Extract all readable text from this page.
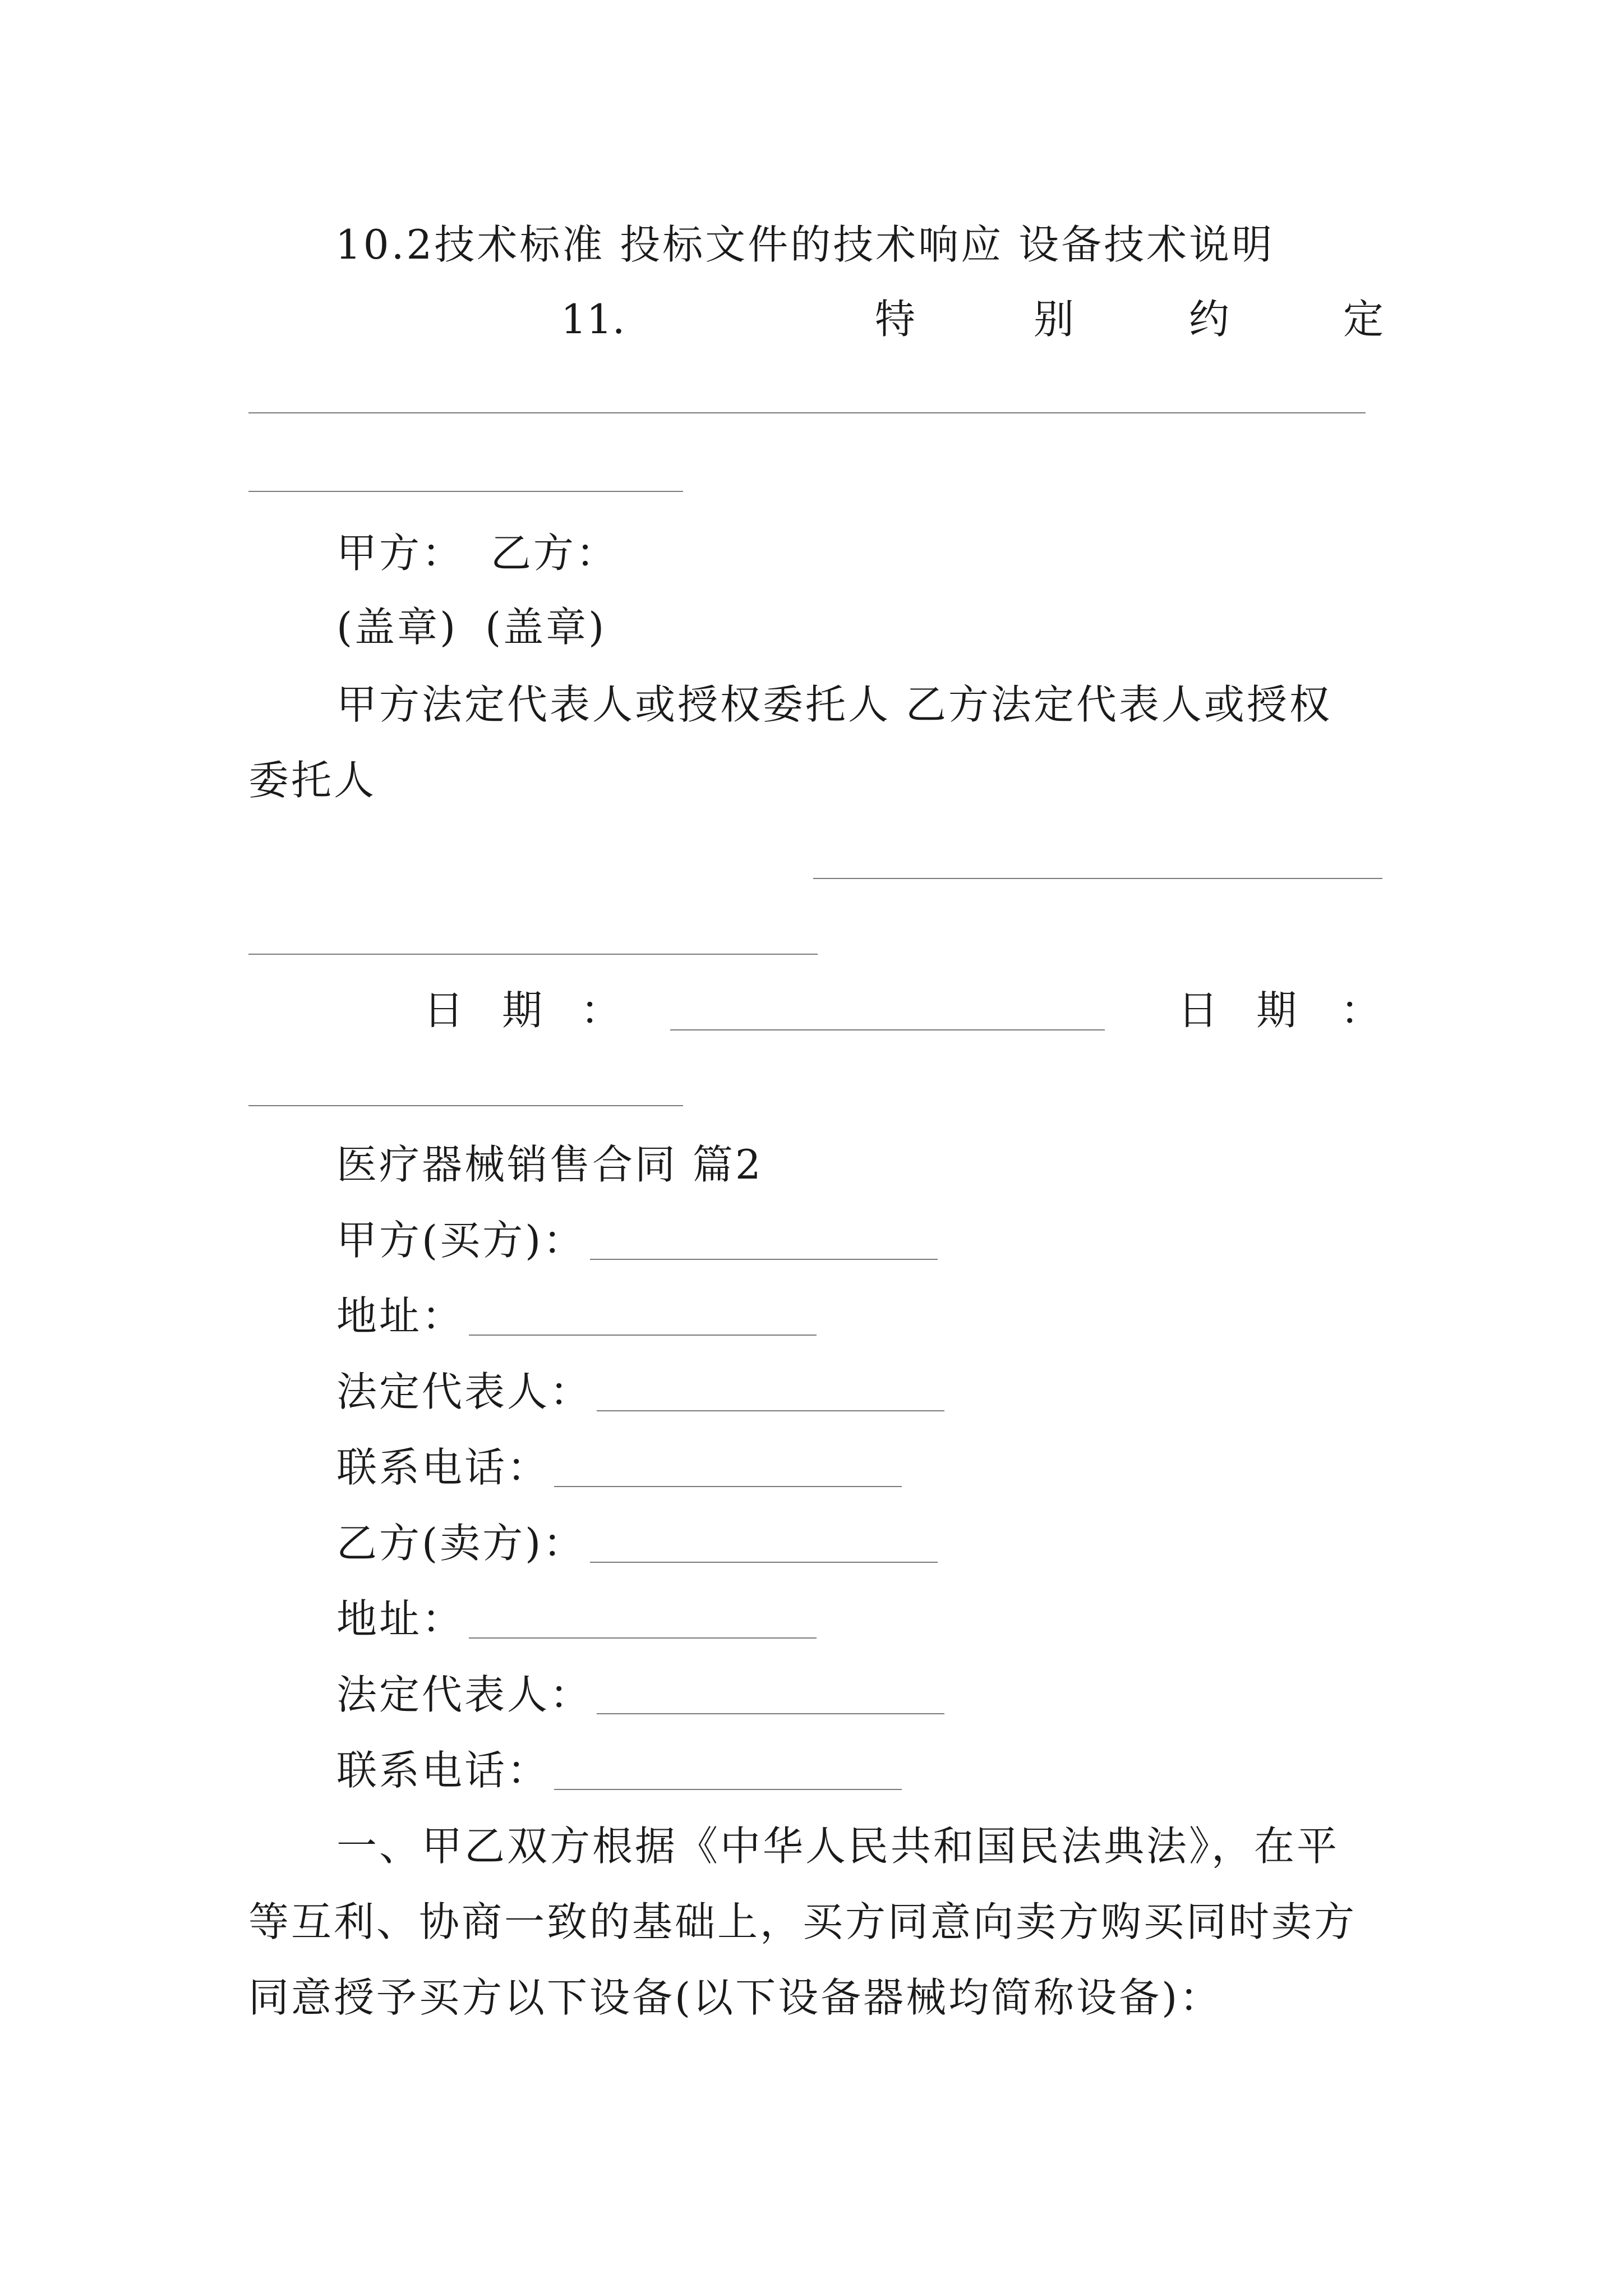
10.2技术标准 投标文件的技术响应 设备技术说明
11.	特	别	约	定
甲方： 乙方：
(盖章) (盖章)
甲方法定代表人或授权委托人 乙方法定代表人或授权
委托人
日 期 ：	日 期 ：
医疗器械销售合同 篇2
甲方(买方)：
地址：
法定代表人：
联系电话：
乙方(卖方)：
地址：
法定代表人：
联系电话：
一、甲乙双方根据《中华人民共和国民法典法》，在平
等互利、协商一致的基础上，买方同意向卖方购买同时卖方
同意授予买方以下设备(以下设备器械均简称设备)：
